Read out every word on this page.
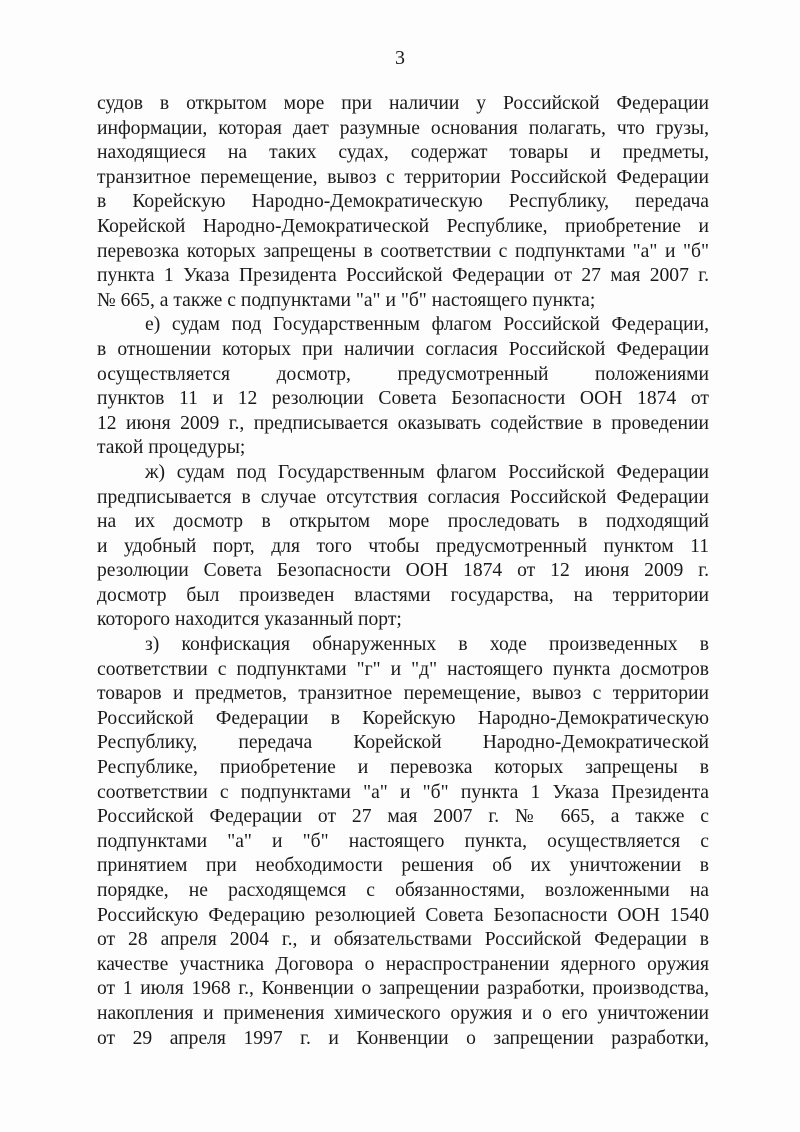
3
судов в открытом море при наличии у Российской Федерации
информации, которая дает разумные основания полагать, что грузы,
находящиеся на таких судах, содержат товары и предметы,
транзитное перемещение, вывоз с территории Российской Федерации
в Корейскую Народно-Демократическую Республику, передача
Корейской Народно-Демократической Республике, приобретение и
перевозка которых запрещены в соответствии с подпунктами "а" и "б"
пункта 1 Указа Президента Российской Федерации от 27 мая 2007 г.
№ 665, а также с подпунктами "а" и "б" настоящего пункта;
е) судам под Государственным флагом Российской Федерации,
в отношении которых при наличии согласия Российской Федерации
осуществляется досмотр, предусмотренный положениями
пунктов 11 и 12 резолюции Совета Безопасности ООН 1874 от
12 июня 2009 г., предписывается оказывать содействие в проведении
такой процедуры;
ж) судам под Государственным флагом Российской Федерации
предписывается в случае отсутствия согласия Российской Федерации
на их досмотр в открытом море проследовать в подходящий
и удобный порт, для того чтобы предусмотренный пунктом 11
резолюции Совета Безопасности ООН 1874 от 12 июня 2009 г.
досмотр был произведен властями государства, на территории
которого находится указанный порт;
з) конфискация обнаруженных в ходе произведенных в
соответствии с подпунктами "г" и "д" настоящего пункта досмотров
товаров и предметов, транзитное перемещение, вывоз с территории
Российской Федерации в Корейскую Народно-Демократическую
Республику, передача Корейской Народно-Демократической
Республике, приобретение и перевозка которых запрещены в
соответствии с подпунктами "а" и "б" пункта 1 Указа Президента
Российской Федерации от 27 мая 2007 г. № 665, а также с
подпунктами "а" и "б" настоящего пункта, осуществляется с
принятием при необходимости решения об их уничтожении в
порядке, не расходящемся с обязанностями, возложенными на
Российскую Федерацию резолюцией Совета Безопасности ООН 1540
от 28 апреля 2004 г., и обязательствами Российской Федерации в
качестве участника Договора о нераспространении ядерного оружия
от 1 июля 1968 г., Конвенции о запрещении разработки, производства,
накопления и применения химического оружия и о его уничтожении
от 29 апреля 1997 г. и Конвенции о запрещении разработки,
